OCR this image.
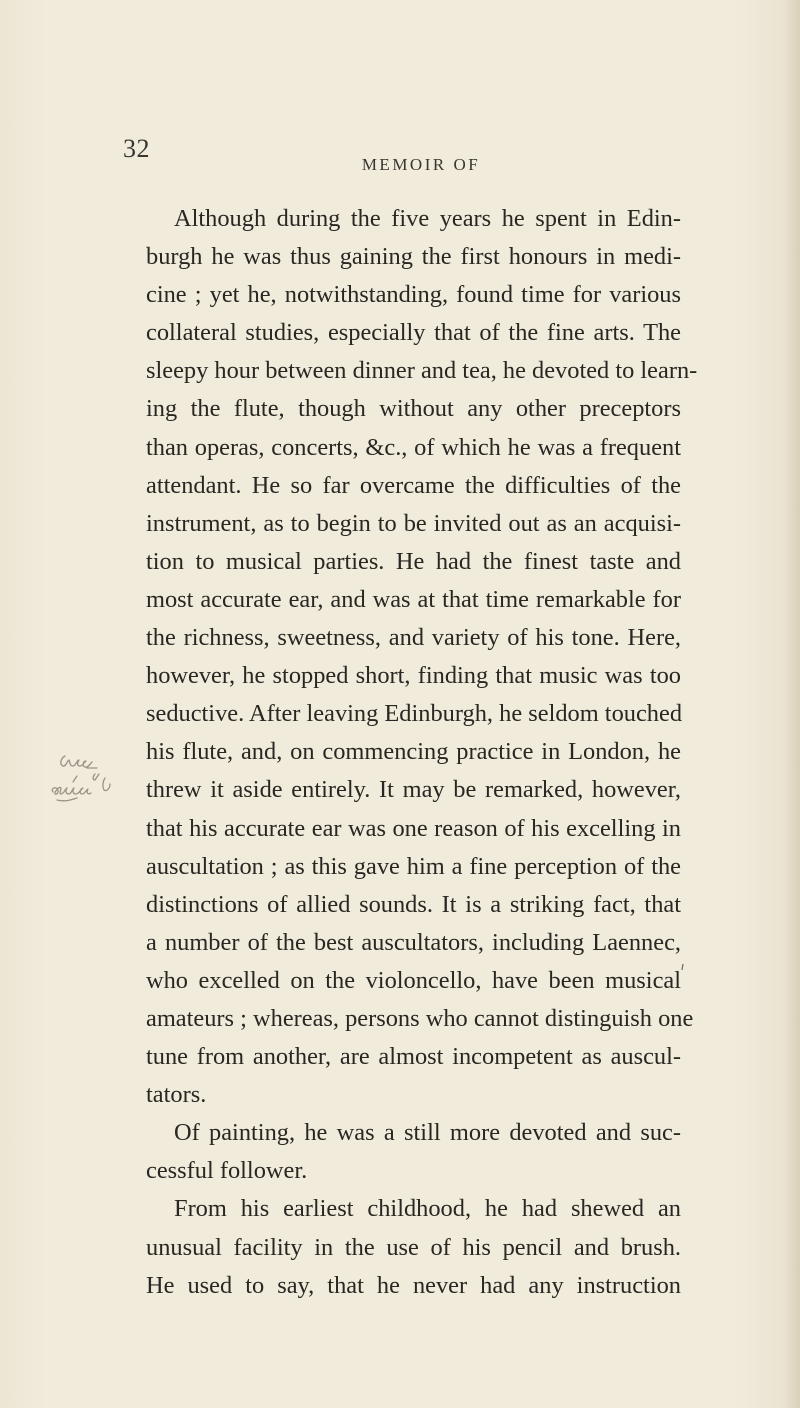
32
MEMOIR OF
Although during the five years he spent in Edin-
burgh he was thus gaining the first honours in medi-
cine ; yet he, notwithstanding, found time for various
collateral studies, especially that of the fine arts. The
sleepy hour between dinner and tea, he devoted to learn-
ing the flute, though without any other preceptors
than operas, concerts, &c., of which he was a frequent
attendant. He so far overcame the difficulties of the
instrument, as to begin to be invited out as an acquisi-
tion to musical parties. He had the finest taste and
most accurate ear, and was at that time remarkable for
the richness, sweetness, and variety of his tone. Here,
however, he stopped short, finding that music was too
seductive. After leaving Edinburgh, he seldom touched
his flute, and, on commencing practice in London, he
threw it aside entirely. It may be remarked, however,
that his accurate ear was one reason of his excelling in
auscultation ; as this gave him a fine perception of the
distinctions of allied sounds. It is a striking fact, that
a number of the best auscultators, including Laennec,
who excelled on the violoncello, have been musical
amateurs ; whereas, persons who cannot distinguish one
tune from another, are almost incompetent as auscul-
tators.
Of painting, he was a still more devoted and suc-
cessful follower.
From his earliest childhood, he had shewed an
unusual facility in the use of his pencil and brush.
He used to say, that he never had any instruction
